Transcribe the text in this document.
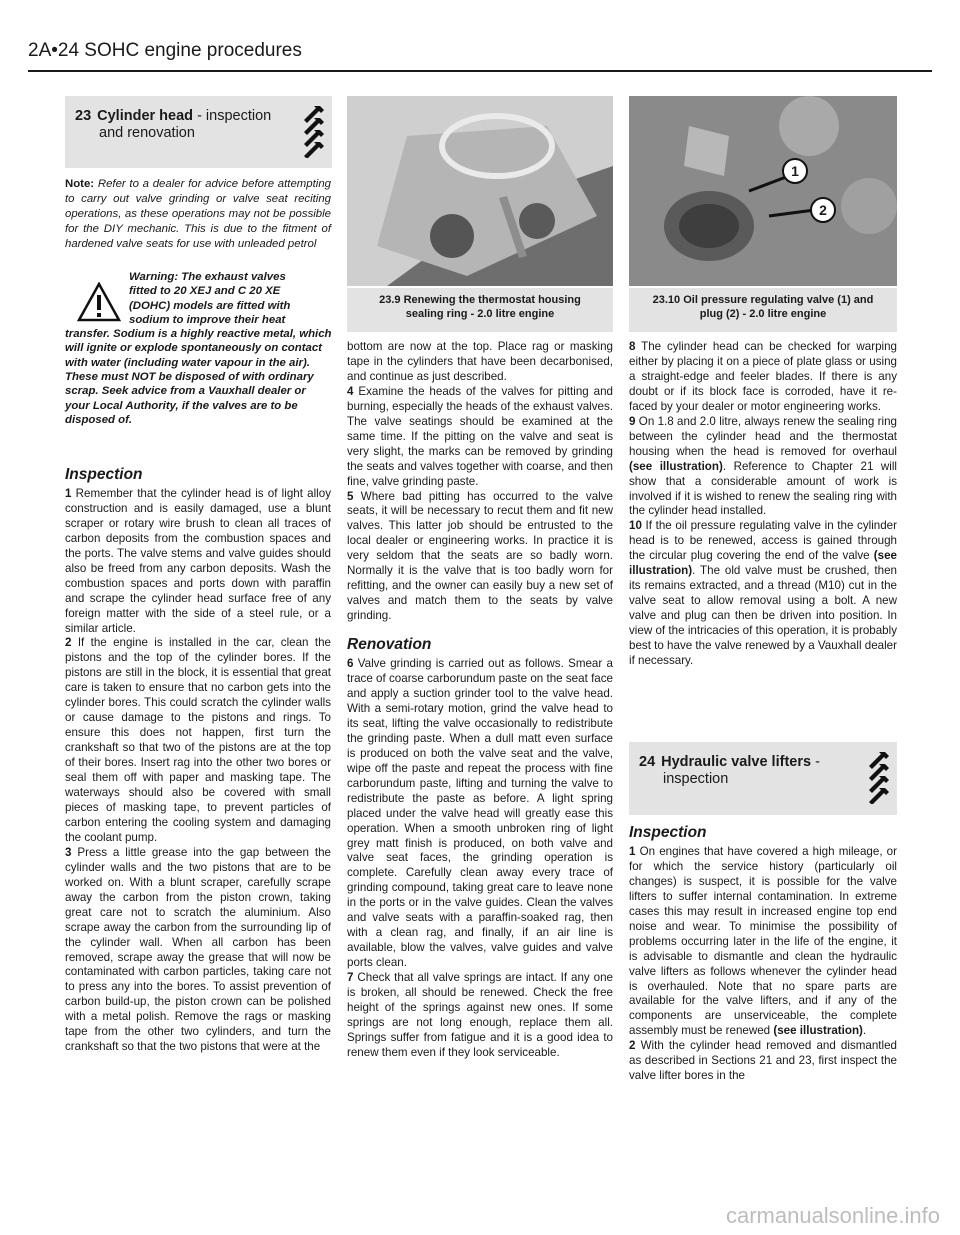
2A•24 SOHC engine procedures
23 Cylinder head - inspection
and renovation

Note: Refer to a dealer for advice before attempting to carry out valve grinding or valve seat reciting operations, as these operations may not be possible for the DIY mechanic. This is due to the fitment of hardened valve seats for use with unleaded petrol

Warning: The exhaust valves
fitted to 20 XEJ and C 20 XE
(DOHC) models are fitted with
sodium to improve their heat
transfer. Sodium is a highly reactive metal, which will ignite or explode spontaneously on contact with water (including water vapour in the air). These must NOT be disposed of with ordinary scrap. Seek advice from a Vauxhall dealer or your Local Authority, if the valves are to be disposed of.
Inspection

1 Remember that the cylinder head is of light alloy construction and is easily damaged, use a blunt scraper or rotary wire brush to clean all traces of carbon deposits from the combustion spaces and the ports. The valve stems and valve guides should also be freed from any carbon deposits. Wash the combustion spaces and ports down with paraffin and scrape the cylinder head surface free of any foreign matter with the side of a steel rule, or a similar article.

2 If the engine is installed in the car, clean the pistons and the top of the cylinder bores. If the pistons are still in the block, it is essential that great care is taken to ensure that no carbon gets into the cylinder bores. This could scratch the cylinder walls or cause damage to the pistons and rings. To ensure this does not happen, first turn the crankshaft so that two of the pistons are at the top of their bores. Insert rag into the other two bores or seal them off with paper and masking tape. The waterways should also be covered with small pieces of masking tape, to prevent particles of carbon entering the cooling system and damaging the coolant pump.

3 Press a little grease into the gap between the cylinder walls and the two pistons that are to be worked on. With a blunt scraper, carefully scrape away the carbon from the piston crown, taking great care not to scratch the aluminium. Also scrape away the carbon from the surrounding lip of the cylinder wall. When all carbon has been removed, scrape away the grease that will now be contaminated with carbon particles, taking care not to press any into the bores. To assist prevention of carbon build-up, the piston crown can be polished with a metal polish. Remove the rags or masking tape from the other two cylinders, and turn the crankshaft so that the two pistons that were at the

1
2
23.9 Renewing the thermostat housing
sealing ring - 2.0 litre engine
23.10 Oil pressure regulating valve (1) and
plug (2) - 2.0 litre engine

bottom are now at the top. Place rag or masking tape in the cylinders that have been decarbonised, and continue as just described.

4 Examine the heads of the valves for pitting and burning, especially the heads of the exhaust valves. The valve seatings should be examined at the same time. If the pitting on the valve and seat is very slight, the marks can be removed by grinding the seats and valves together with coarse, and then fine, valve grinding paste.

5 Where bad pitting has occurred to the valve seats, it will be necessary to recut them and fit new valves. This latter job should be entrusted to the local dealer or engineering works. In practice it is very seldom that the seats are so badly worn. Normally it is the valve that is too badly worn for refitting, and the owner can easily buy a new set of valves and match them to the seats by valve grinding.

Renovation

6 Valve grinding is carried out as follows. Smear a trace of coarse carborundum paste on the seat face and apply a suction grinder tool to the valve head. With a semi-rotary motion, grind the valve head to its seat, lifting the valve occasionally to redistribute the grinding paste. When a dull matt even surface is produced on both the valve seat and the valve, wipe off the paste and repeat the process with fine carborundum paste, lifting and turning the valve to redistribute the paste as before. A light spring placed under the valve head will greatly ease this operation. When a smooth unbroken ring of light grey matt finish is produced, on both valve and valve seat faces, the grinding operation is complete. Carefully clean away every trace of grinding compound, taking great care to leave none in the ports or in the valve guides. Clean the valves and valve seats with a paraffin-soaked rag, then with a clean rag, and finally, if an air line is available, blow the valves, valve guides and valve ports clean.

7 Check that all valve springs are intact. If any one is broken, all should be renewed. Check the free height of the springs against new ones. If some springs are not long enough, replace them all. Springs suffer from fatigue and it is a good idea to renew them even if they look serviceable.

8 The cylinder head can be checked for warping either by placing it on a piece of plate glass or using a straight-edge and feeler blades. If there is any doubt or if its block face is corroded, have it re-faced by your dealer or motor engineering works.

9 On 1.8 and 2.0 litre, always renew the sealing ring between the cylinder head and the thermostat housing when the head is removed for overhaul (see illustration). Reference to Chapter 21 will show that a considerable amount of work is involved if it is wished to renew the sealing ring with the cylinder head installed.

10 If the oil pressure regulating valve in the cylinder head is to be renewed, access is gained through the circular plug covering the end of the valve (see illustration). The old valve must be crushed, then its remains extracted, and a thread (M10) cut in the valve seat to allow removal using a bolt. A new valve and plug can then be driven into position. In view of the intricacies of this operation, it is probably best to have the valve renewed by a Vauxhall dealer if necessary.

24 Hydraulic valve lifters -
inspection
Inspection

1 On engines that have covered a high mileage, or for which the service history (particularly oil changes) is suspect, it is possible for the valve lifters to suffer internal contamination. In extreme cases this may result in increased engine top end noise and wear. To minimise the possibility of problems occurring later in the life of the engine, it is advisable to dismantle and clean the hydraulic valve lifters as follows whenever the cylinder head is overhauled. Note that no spare parts are available for the valve lifters, and if any of the components are unserviceable, the complete assembly must be renewed (see illustration).

2 With the cylinder head removed and dismantled as described in Sections 21 and 23, first inspect the valve lifter bores in the

carmanualsonline.info
